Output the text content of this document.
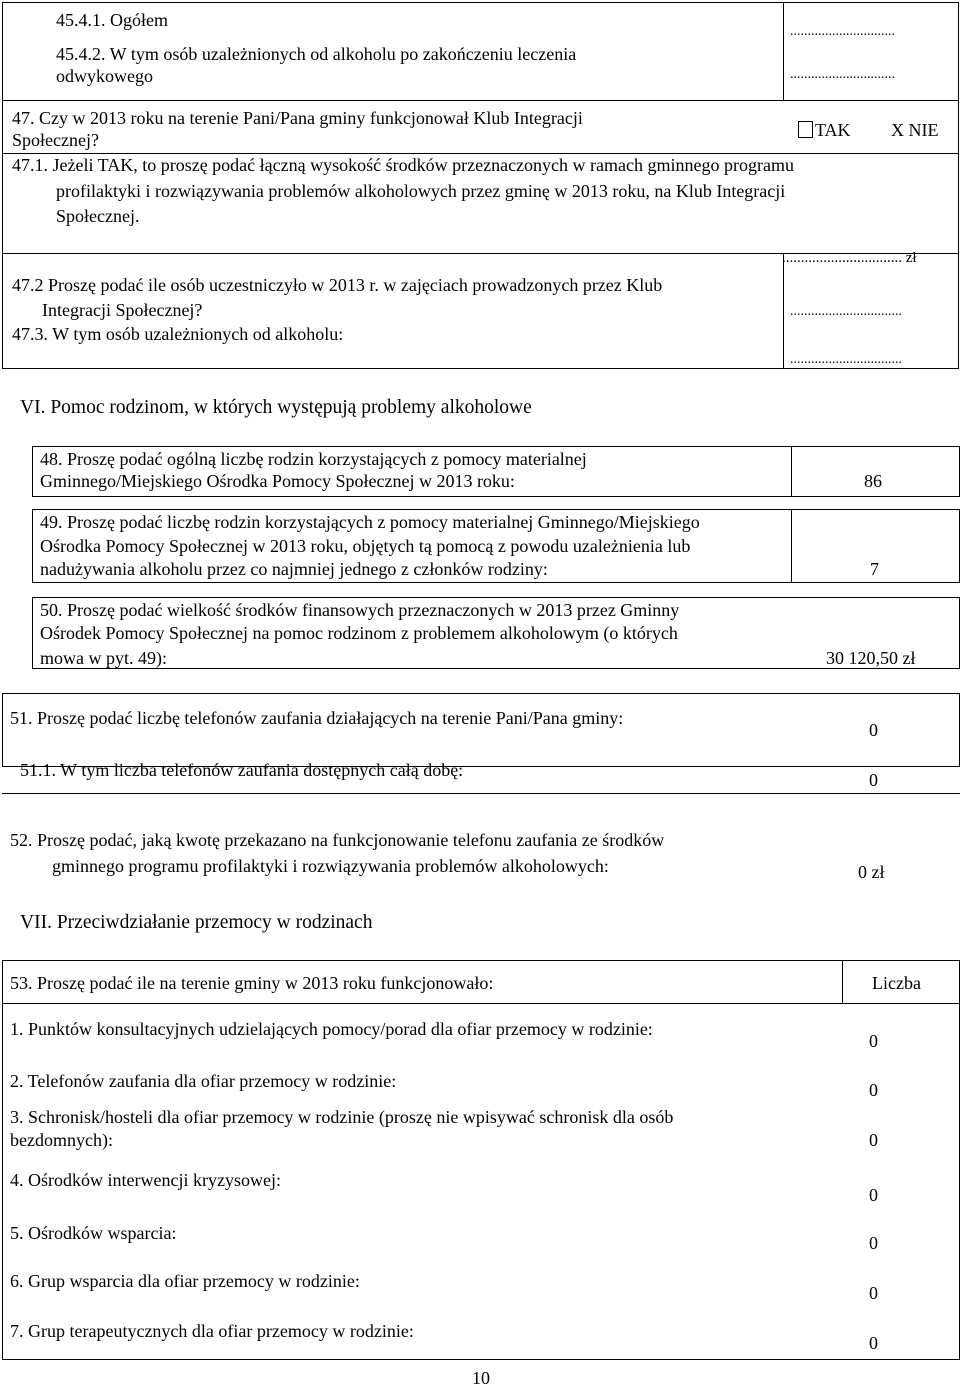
45.4.1. Ogółem
..............................
45.4.2. W tym osób uzależnionych od alkoholu po zakończeniu leczenia
odwykowego	..............................
47. Czy w 2013 roku na terenie Pani/Pana gminy funkcjonował Klub Integracji
Społecznej?	TAK X NIE
47.1. Jeżeli TAK, to proszę podać łączną wysokość środków przeznaczonych w ramach gminnego programu
profilaktyki i rozwiązywania problemów alkoholowych przez gminę w 2013 roku, na Klub Integracji
Społecznej.
................................ zł
47.2 Proszę podać ile osób uczestniczyło w 2013 r. w zajęciach prowadzonych przez Klub
Integracji Społecznej?	................................
47.3. W tym osób uzależnionych od alkoholu:
................................
VI. Pomoc rodzinom, w których występują problemy alkoholowe
48. Proszę podać ogólną liczbę rodzin korzystających z pomocy materialnej
Gminnego/Miejskiego Ośrodka Pomocy Społecznej w 2013 roku:	86
49. Proszę podać liczbę rodzin korzystających z pomocy materialnej Gminnego/Miejskiego
Ośrodka Pomocy Społecznej w 2013 roku, objętych tą pomocą z powodu uzależnienia lub
nadużywania alkoholu przez co najmniej jednego z członków rodziny:	7
50. Proszę podać wielkość środków finansowych przeznaczonych w 2013 przez Gminny
Ośrodek Pomocy Społecznej na pomoc rodzinom z problemem alkoholowym (o których
mowa w pyt. 49):	30 120,50 zł
51. Proszę podać liczbę telefonów zaufania działających na terenie Pani/Pana gminy:
0
51.1. W tym liczba telefonów zaufania dostępnych całą dobę:	0
52. Proszę podać, jaką kwotę przekazano na funkcjonowanie telefonu zaufania ze środków
gminnego programu profilaktyki i rozwiązywania problemów alkoholowych:	0 zł
VII. Przeciwdziałanie przemocy w rodzinach
53. Proszę podać ile na terenie gminy w 2013 roku funkcjonowało:	Liczba
1. Punktów konsultacyjnych udzielających pomocy/porad dla ofiar przemocy w rodzinie:
0
2. Telefonów zaufania dla ofiar przemocy w rodzinie:	0
3. Schronisk/hosteli dla ofiar przemocy w rodzinie (proszę nie wpisywać schronisk dla osób
bezdomnych):	0
4. Ośrodków interwencji kryzysowej:
0
5. Ośrodków wsparcia:	0
6. Grup wsparcia dla ofiar przemocy w rodzinie:
0
7. Grup terapeutycznych dla ofiar przemocy w rodzinie:
0
10
